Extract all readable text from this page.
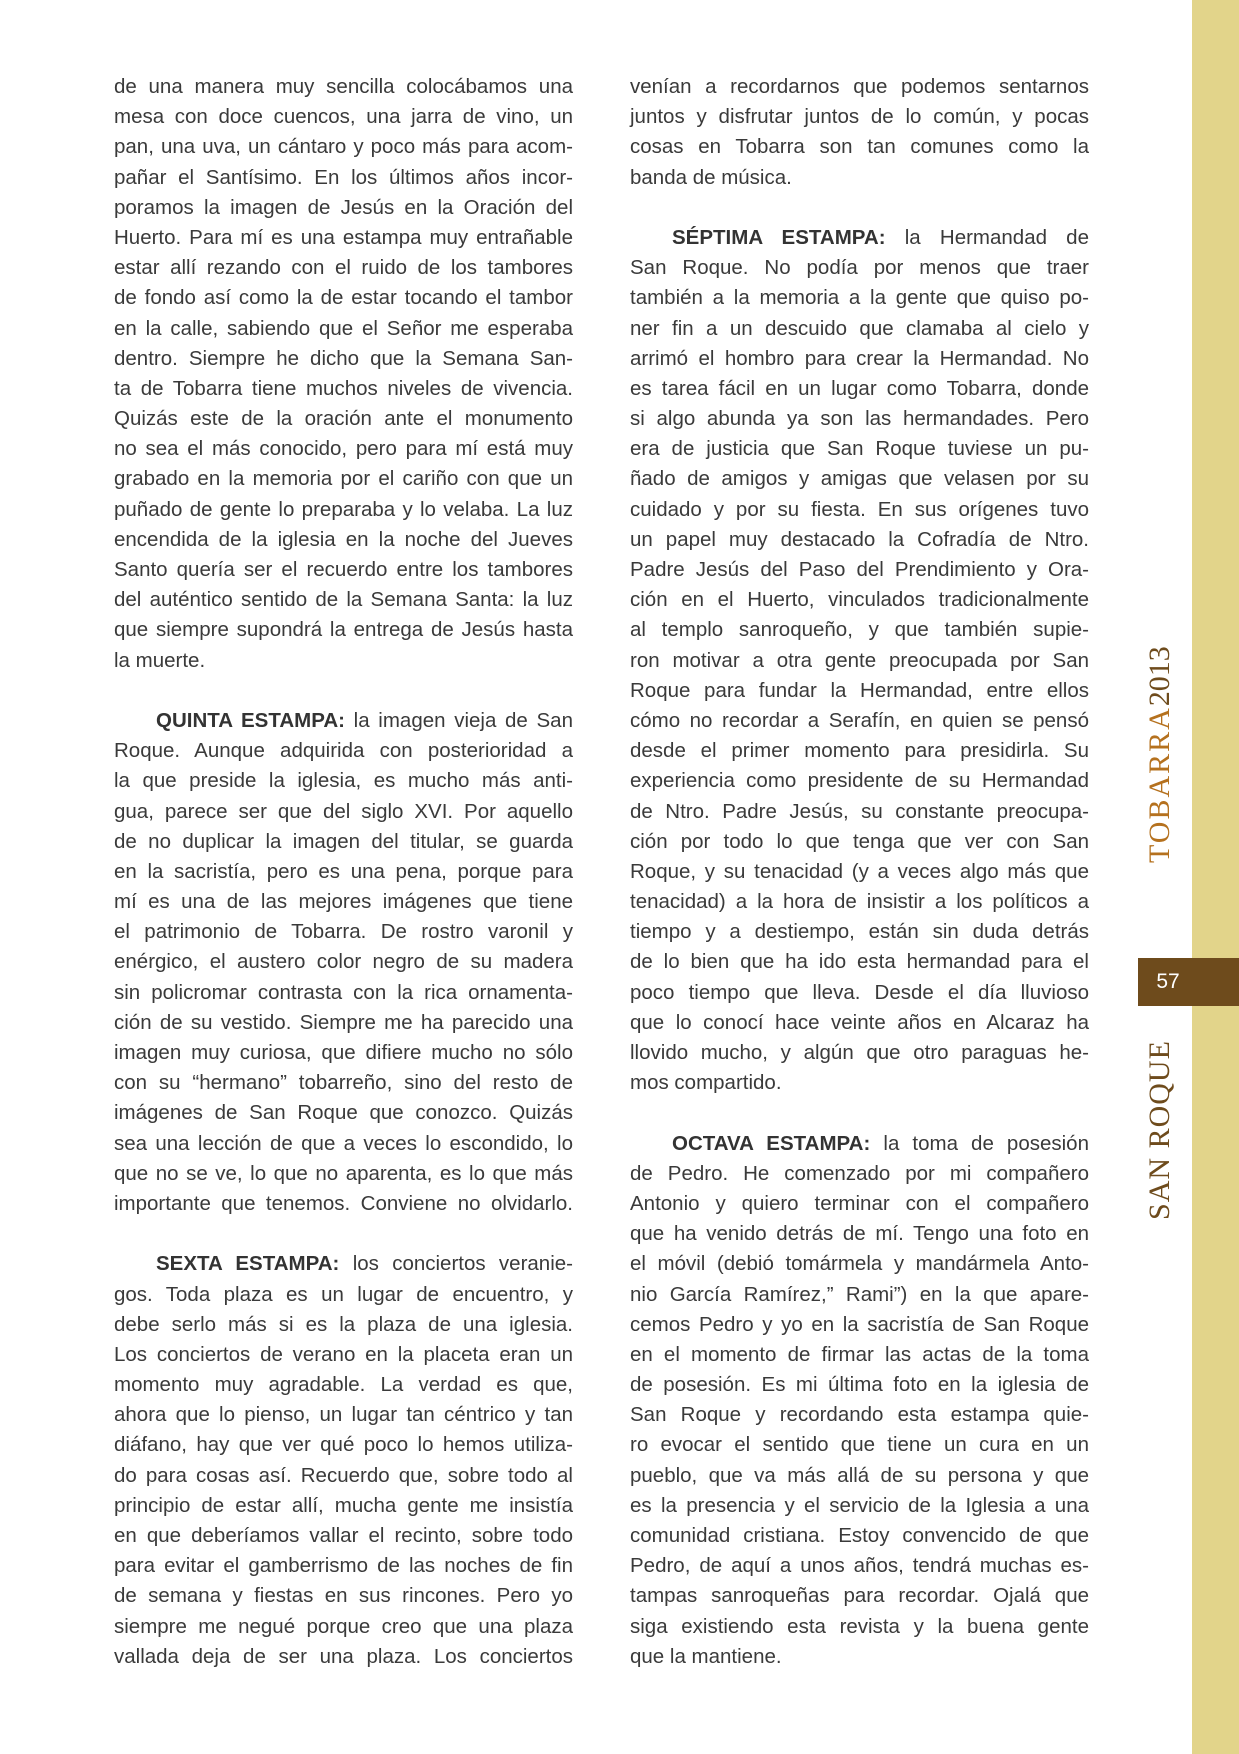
de una manera muy sencilla colocábamos una
mesa con doce cuencos, una jarra de vino, un
pan, una uva, un cántaro y poco más para acom-
pañar el Santísimo. En los últimos años incor-
poramos la imagen de Jesús en la Oración del
Huerto. Para mí es una estampa muy entrañable
estar allí rezando con el ruido de los tambores
de fondo así como la de estar tocando el tambor
en la calle, sabiendo que el Señor me esperaba
dentro. Siempre he dicho que la Semana San-
ta de Tobarra tiene muchos niveles de vivencia.
Quizás este de la oración ante el monumento
no sea el más conocido, pero para mí está muy
grabado en la memoria por el cariño con que un
puñado de gente lo preparaba y lo velaba. La luz
encendida de la iglesia en la noche del Jueves
Santo quería ser el recuerdo entre los tambores
del auténtico sentido de la Semana Santa: la luz
que siempre supondrá la entrega de Jesús hasta
la muerte.
QUINTA ESTAMPA: la imagen vieja de San
Roque. Aunque adquirida con posterioridad a
la que preside la iglesia, es mucho más anti-
gua, parece ser que del siglo XVI. Por aquello
de no duplicar la imagen del titular, se guarda
en la sacristía, pero es una pena, porque para
mí es una de las mejores imágenes que tiene
el patrimonio de Tobarra. De rostro varonil y
enérgico, el austero color negro de su madera
sin policromar contrasta con la rica ornamenta-
ción de su vestido. Siempre me ha parecido una
imagen muy curiosa, que difiere mucho no sólo
con su “hermano” tobarreño, sino del resto de
imágenes de San Roque que conozco. Quizás
sea una lección de que a veces lo escondido, lo
que no se ve, lo que no aparenta, es lo que más
importante que tenemos. Conviene no olvidarlo.
SEXTA ESTAMPA: los conciertos veranie-
gos. Toda plaza es un lugar de encuentro, y
debe serlo más si es la plaza de una iglesia.
Los conciertos de verano en la placeta eran un
momento muy agradable. La verdad es que,
ahora que lo pienso, un lugar tan céntrico y tan
diáfano, hay que ver qué poco lo hemos utiliza-
do para cosas así. Recuerdo que, sobre todo al
principio de estar allí, mucha gente me insistía
en que deberíamos vallar el recinto, sobre todo
para evitar el gamberrismo de las noches de fin
de semana y fiestas en sus rincones. Pero yo
siempre me negué porque creo que una plaza
vallada deja de ser una plaza. Los conciertos
venían a recordarnos que podemos sentarnos
juntos y disfrutar juntos de lo común, y pocas
cosas en Tobarra son tan comunes como la
banda de música.
SÉPTIMA ESTAMPA: la Hermandad de
San Roque. No podía por menos que traer
también a la memoria a la gente que quiso po-
ner fin a un descuido que clamaba al cielo y
arrimó el hombro para crear la Hermandad. No
es tarea fácil en un lugar como Tobarra, donde
si algo abunda ya son las hermandades. Pero
era de justicia que San Roque tuviese un pu-
ñado de amigos y amigas que velasen por su
cuidado y por su fiesta. En sus orígenes tuvo
un papel muy destacado la Cofradía de Ntro.
Padre Jesús del Paso del Prendimiento y Ora-
ción en el Huerto, vinculados tradicionalmente
al templo sanroqueño, y que también supie-
ron motivar a otra gente preocupada por San
Roque para fundar la Hermandad, entre ellos
cómo no recordar a Serafín, en quien se pensó
desde el primer momento para presidirla. Su
experiencia como presidente de su Hermandad
de Ntro. Padre Jesús, su constante preocupa-
ción por todo lo que tenga que ver con San
Roque, y su tenacidad (y a veces algo más que
tenacidad) a la hora de insistir a los políticos a
tiempo y a destiempo, están sin duda detrás
de lo bien que ha ido esta hermandad para el
poco tiempo que lleva. Desde el día lluvioso
que lo conocí hace veinte años en Alcaraz ha
llovido mucho, y algún que otro paraguas he-
mos compartido.
OCTAVA ESTAMPA: la toma de posesión
de Pedro. He comenzado por mi compañero
Antonio y quiero terminar con el compañero
que ha venido detrás de mí. Tengo una foto en
el móvil (debió tomármela y mandármela Anto-
nio García Ramírez,” Rami”) en la que apare-
cemos Pedro y yo en la sacristía de San Roque
en el momento de firmar las actas de la toma
de posesión. Es mi última foto en la iglesia de
San Roque y recordando esta estampa quie-
ro evocar el sentido que tiene un cura en un
pueblo, que va más allá de su persona y que
es la presencia y el servicio de la Iglesia a una
comunidad cristiana. Estoy convencido de que
Pedro, de aquí a unos años, tendrá muchas es-
tampas sanroqueñas para recordar. Ojalá que
siga existiendo esta revista y la buena gente
que la mantiene.
57
TOBARRA2013
SAN ROQUE
